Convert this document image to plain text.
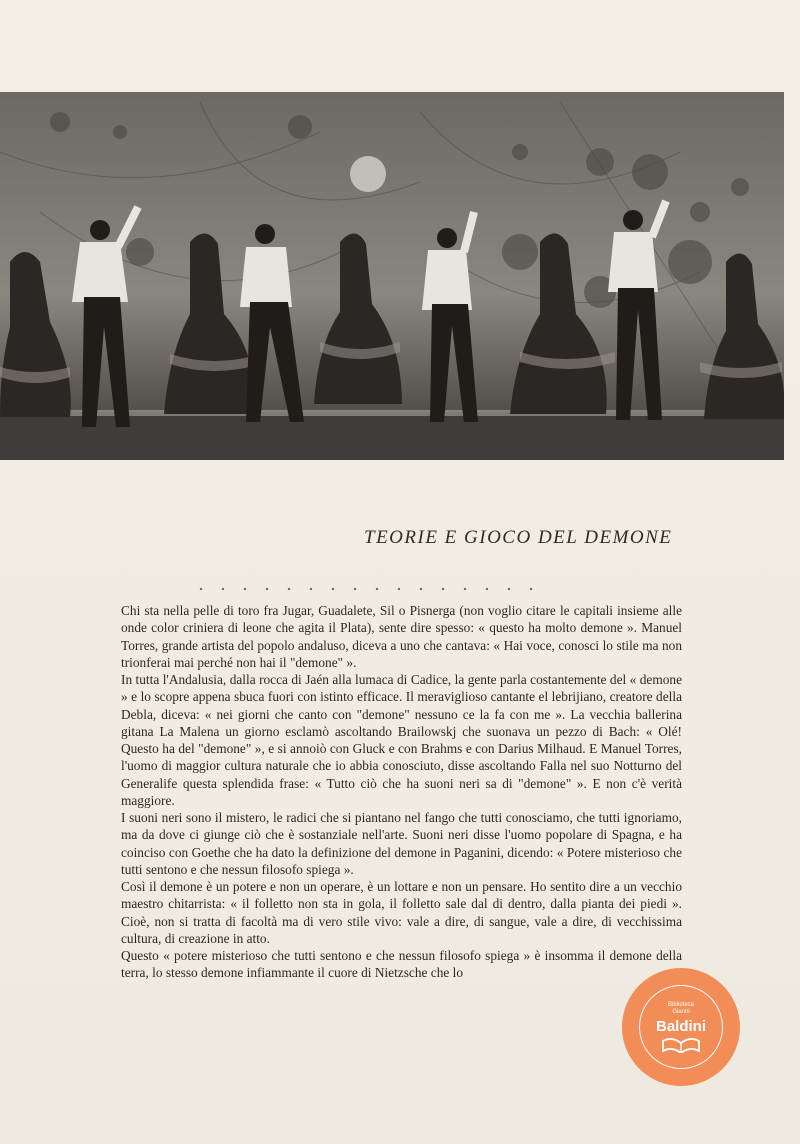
TEORIE E GIOCO DEL DEMONE

Chi sta nella pelle di toro fra Jugar, Guadalete, Sil o Pisnerga (non voglio citare le capitali insieme alle onde color criniera di leone che agita il Plata), sente dire spesso: « questo ha molto demone ». Manuel Torres, grande artista del popolo andaluso, diceva a uno che cantava: « Hai voce, conosci lo stile ma non trionferai mai perché non hai il "demone" ».

In tutta l'Andalusia, dalla rocca di Jaén alla lumaca di Cadice, la gente parla costantemente del « demone » e lo scopre appena sbuca fuori con istinto efficace. Il meraviglioso cantante el lebrijiano, creatore della Debla, diceva: « nei giorni che canto con "demone" nessuno ce la fa con me ». La vecchia ballerina gitana La Malena un giorno esclamò ascoltando Brailowskj che suonava un pezzo di Bach: « Olé! Questo ha del "demone" », e si annoiò con Gluck e con Brahms e con Darius Milhaud. E Manuel Torres, l'uomo di maggior cultura naturale che io abbia conosciuto, disse ascoltando Falla nel suo Notturno del Generalife questa splendida frase: « Tutto ciò che ha suoni neri sa di "demone" ». E non c'è verità maggiore.

I suoni neri sono il mistero, le radici che si piantano nel fango che tutti conosciamo, che tutti ignoriamo, ma da dove ci giunge ciò che è sostanziale nell'arte. Suoni neri disse l'uomo popolare di Spagna, e ha coinciso con Goethe che ha dato la definizione del demone in Paganini, dicendo: « Potere misterioso che tutti sentono e che nessun filosofo spiega ».

Così il demone è un potere e non un operare, è un lottare e non un pensare. Ho sentito dire a un vecchio maestro chitarrista: « il folletto non sta in gola, il folletto sale dal di dentro, dalla pianta dei piedi ». Cioè, non si tratta di facoltà ma di vero stile vivo: vale a dire, di sangue, vale a dire, di vecchissima cultura, di creazione in atto.

Questo « potere misterioso che tutti sentono e che nessun filosofo spiega » è insomma il demone della terra, lo stesso demone infiammante il cuore di Nietzsche che lo

Biblioteca
Gianni
Baldini
